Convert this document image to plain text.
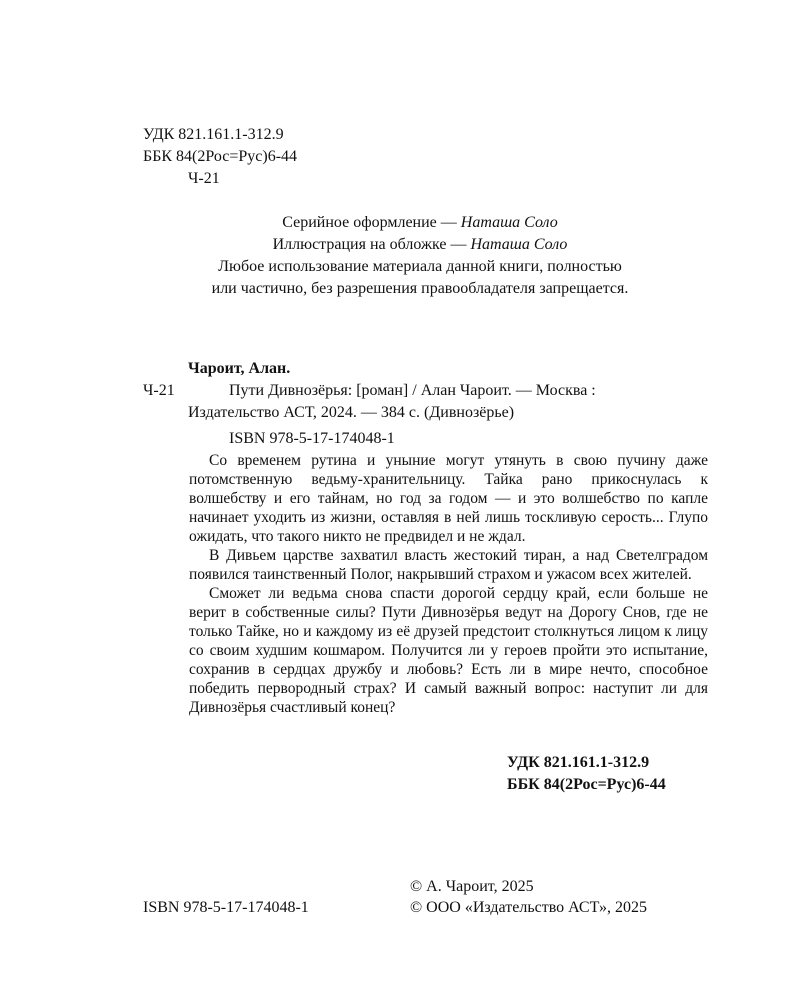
УДК 821.161.1-312.9
ББК 84(2Рос=Рус)6-44
Ч-21
Серийное оформление — Наташа Соло
Иллюстрация на обложке — Наташа Соло
Любое использование материала данной книги, полностью
или частично, без разрешения правообладателя запрещается.
Чароит, Алан.
Ч-21	Пути Дивнозёрья: [роман] / Алан Чароит. — Москва :
Издательство АСТ, 2024. — 384 с. (Дивнозёрье)
ISBN 978-5-17-174048-1

Со временем рутина и уныние могут утянуть в свою пучину даже потомственную ведьму-хранительницу. Тайка рано прикоснулась к волшебству и его тайнам, но год за годом — и это волшебство по капле начинает уходить из жизни, оставляя в ней лишь тоскливую серость... Глупо ожидать, что такого никто не предвидел и не ждал.

В Дивьем царстве захватил власть жестокий тиран, а над Светелградом появился таинственный Полог, накрывший страхом и ужасом всех жителей.

Сможет ли ведьма снова спасти дорогой сердцу край, если больше не верит в собственные силы? Пути Дивнозёрья ведут на Дорогу Снов, где не только Тайке, но и каждому из её друзей предстоит столкнуться лицом к лицу со своим худшим кошмаром. Получится ли у героев пройти это испытание, сохранив в сердцах дружбу и любовь? Есть ли в мире нечто, способное победить первородный страх? И самый важный вопрос: наступит ли для Дивнозёрья счастливый конец?

УДК 821.161.1-312.9
ББК 84(2Рос=Рус)6-44
© А. Чароит, 2025
ISBN 978-5-17-174048-1	© ООО «Издательство АСТ», 2025
